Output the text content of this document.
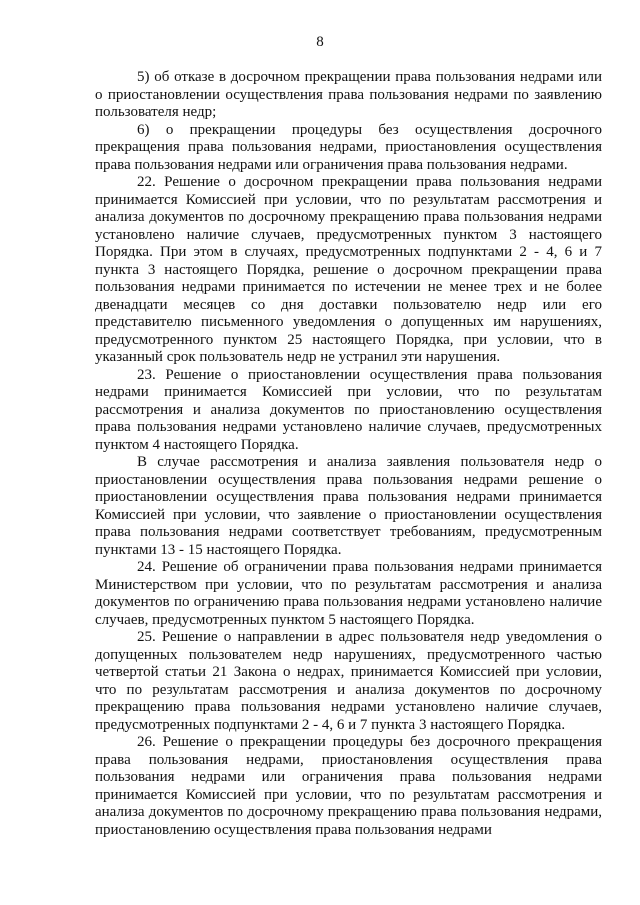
8

5) об отказе в досрочном прекращении права пользования недрами или о приостановлении осуществления права пользования недрами по заявлению пользователя недр;

6) о прекращении процедуры без осуществления досрочного прекращения права пользования недрами, приостановления осуществления права пользования недрами или ограничения права пользования недрами.

22. Решение о досрочном прекращении права пользования недрами принимается Комиссией при условии, что по результатам рассмотрения и анализа документов по досрочному прекращению права пользования недрами установлено наличие случаев, предусмотренных пунктом 3 настоящего Порядка. При этом в случаях, предусмотренных подпунктами 2 - 4, 6 и 7 пункта 3 настоящего Порядка, решение о досрочном прекращении права пользования недрами принимается по истечении не менее трех и не более двенадцати месяцев со дня доставки пользователю недр или его представителю письменного уведомления о допущенных им нарушениях, предусмотренного пунктом 25 настоящего Порядка, при условии, что в указанный срок пользователь недр не устранил эти нарушения.

23. Решение о приостановлении осуществления права пользования недрами принимается Комиссией при условии, что по результатам рассмотрения и анализа документов по приостановлению осуществления права пользования недрами установлено наличие случаев, предусмотренных пунктом 4 настоящего Порядка.

В случае рассмотрения и анализа заявления пользователя недр о приостановлении осуществления права пользования недрами решение о приостановлении осуществления права пользования недрами принимается Комиссией при условии, что заявление о приостановлении осуществления права пользования недрами соответствует требованиям, предусмотренным пунктами 13 - 15 настоящего Порядка.

24. Решение об ограничении права пользования недрами принимается Министерством при условии, что по результатам рассмотрения и анализа документов по ограничению права пользования недрами установлено наличие случаев, предусмотренных пунктом 5 настоящего Порядка.

25. Решение о направлении в адрес пользователя недр уведомления о допущенных пользователем недр нарушениях, предусмотренного частью четвертой статьи 21 Закона о недрах, принимается Комиссией при условии, что по результатам рассмотрения и анализа документов по досрочному прекращению права пользования недрами установлено наличие случаев, предусмотренных подпунктами 2 - 4, 6 и 7 пункта 3 настоящего Порядка.

26. Решение о прекращении процедуры без досрочного прекращения права пользования недрами, приостановления осуществления права пользования недрами или ограничения права пользования недрами принимается Комиссией при условии, что по результатам рассмотрения и анализа документов по досрочному прекращению права пользования недрами, приостановлению осуществления права пользования недрами
